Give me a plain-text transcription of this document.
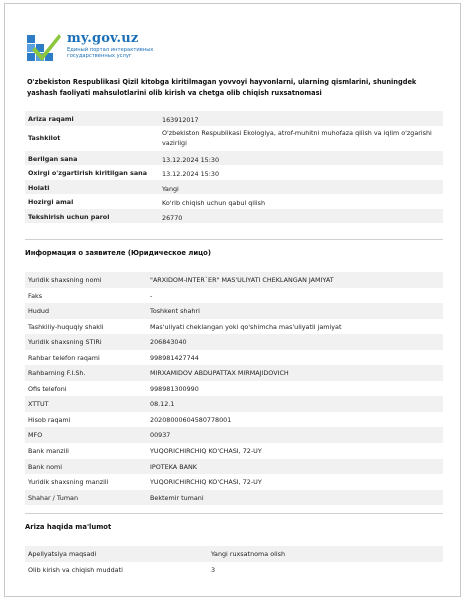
my.gov.uz
Единый портал интерактивных
государственных услуг
O'zbekiston Respublikasi Qizil kitobga kiritilmagan yovvoyi hayvonlarni, ularning qismlarini, shuningdek yashash faoliyati mahsulotlarini olib kirish va chetga olib chiqish ruxsatnomasi
Ariza raqami	163912017
Tashkilot	O'zbekiston Respublikasi Ekologiya, atrof-muhitni muhofaza qilish va iqlim o'zgarishi vazirligi
Berilgan sana	13.12.2024 15:30
Oxirgi o'zgartirish kiritilgan sana	13.12.2024 15:30
Holati	Yangi
Hozirgi amal	Ko'rib chiqish uchun qabul qilish
Tekshirish uchun parol	26770
Информация о заявителе (Юридическое лицо)
Yuridik shaxsning nomi	"ARXIDOM-INTER`ER" MAS'ULIYATI CHEKLANGAN JAMIYAT
Faks	-
Hudud	Toshkent shahri
Tashkiliy-huquqiy shakli	Mas'uliyati cheklangan yoki qo'shimcha mas'uliyatli jamiyat
Yuridik shaxsning STIRi	206843040
Rahbar telefon raqami	998981427744
Rahbarning F.I.Sh.	MIRXAMIDOV ABDUPATTAX MIRMAJIDOVICH
Ofis telefoni	998981300990
XTTUT	08.12.1
Hisob raqami	20208000604580778001
MFO	00937
Bank manzili	YUQORICHIRCHIQ KO'CHASI, 72-UY
Bank nomi	IPOTEKA BANK
Yuridik shaxsning manzili	YUQORICHIRCHIQ KO'CHASI, 72-UY
Shahar / Tuman	Bektemir tumani
Ariza haqida ma'lumot
Apellyatsiya maqsadi	Yangi ruxsatnoma olish
Olib kirish va chiqish muddati	3
